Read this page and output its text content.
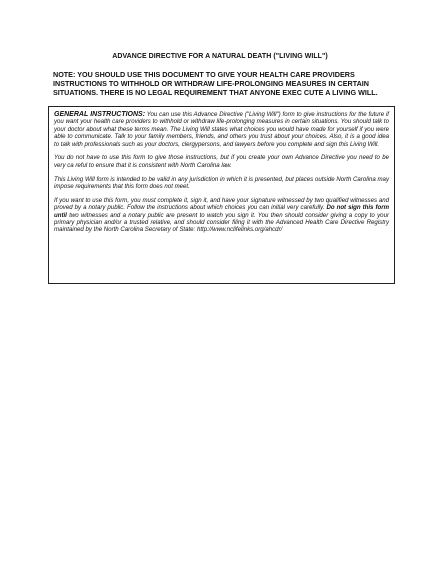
ADVANCE DIRECTIVE FOR A NATURAL DEATH ("LIVING WILL")
NOTE: YOU SHOULD USE THIS DOCUMENT TO GIVE YOUR HEALTH CARE PROVIDERS INSTRUCTIONS TO WITHHOLD OR WITHDRAW LIFE-PROLONGING MEASURES IN CERTAIN SITUATIONS. THERE IS NO LEGAL REQUIREMENT THAT ANYONE EXEC CUTE A LIVING WILL.

GENERAL INSTRUCTIONS: You can use this Advance Directive ("Living Will") form to give instructions for the future if you want your health care providers to withhold or withdraw life-prolonging measures in certain situations. You should talk to your doctor about what these terms mean. The Living Will states what choices you would have made for yourself if you were able to communicate. Talk to your family members, friends, and others you trust about your choices. Also, it is a good idea to talk with professionals such as your doctors, clergypersons, and lawyers before you complete and sign this Living Will.

You do not have to use this form to give those instructions, but if you create your own Advance Directive you need to be very ca reful to ensure that it is consistent with North Carolina law.

This Living Will form is intended to be valid in any jurisdiction in which it is presented, but places outside North Carolina may impose requirements that this form does not meet.

If you want to use this form, you must complete it, sign it, and have your signature witnessed by two qualified witnesses and proved by a notary public. Follow the instructions about which choices you can initial very carefully. Do not sign this form until two witnesses and a notary public are present to watch you sign it. You then should consider giving a copy to your primary physician and/or a trusted relative, and should consider filing it with the Advanced Health Care Directive Registry maintained by the North Carolina Secretary of State: http://www.nclifelinks.org/ahcdr/
